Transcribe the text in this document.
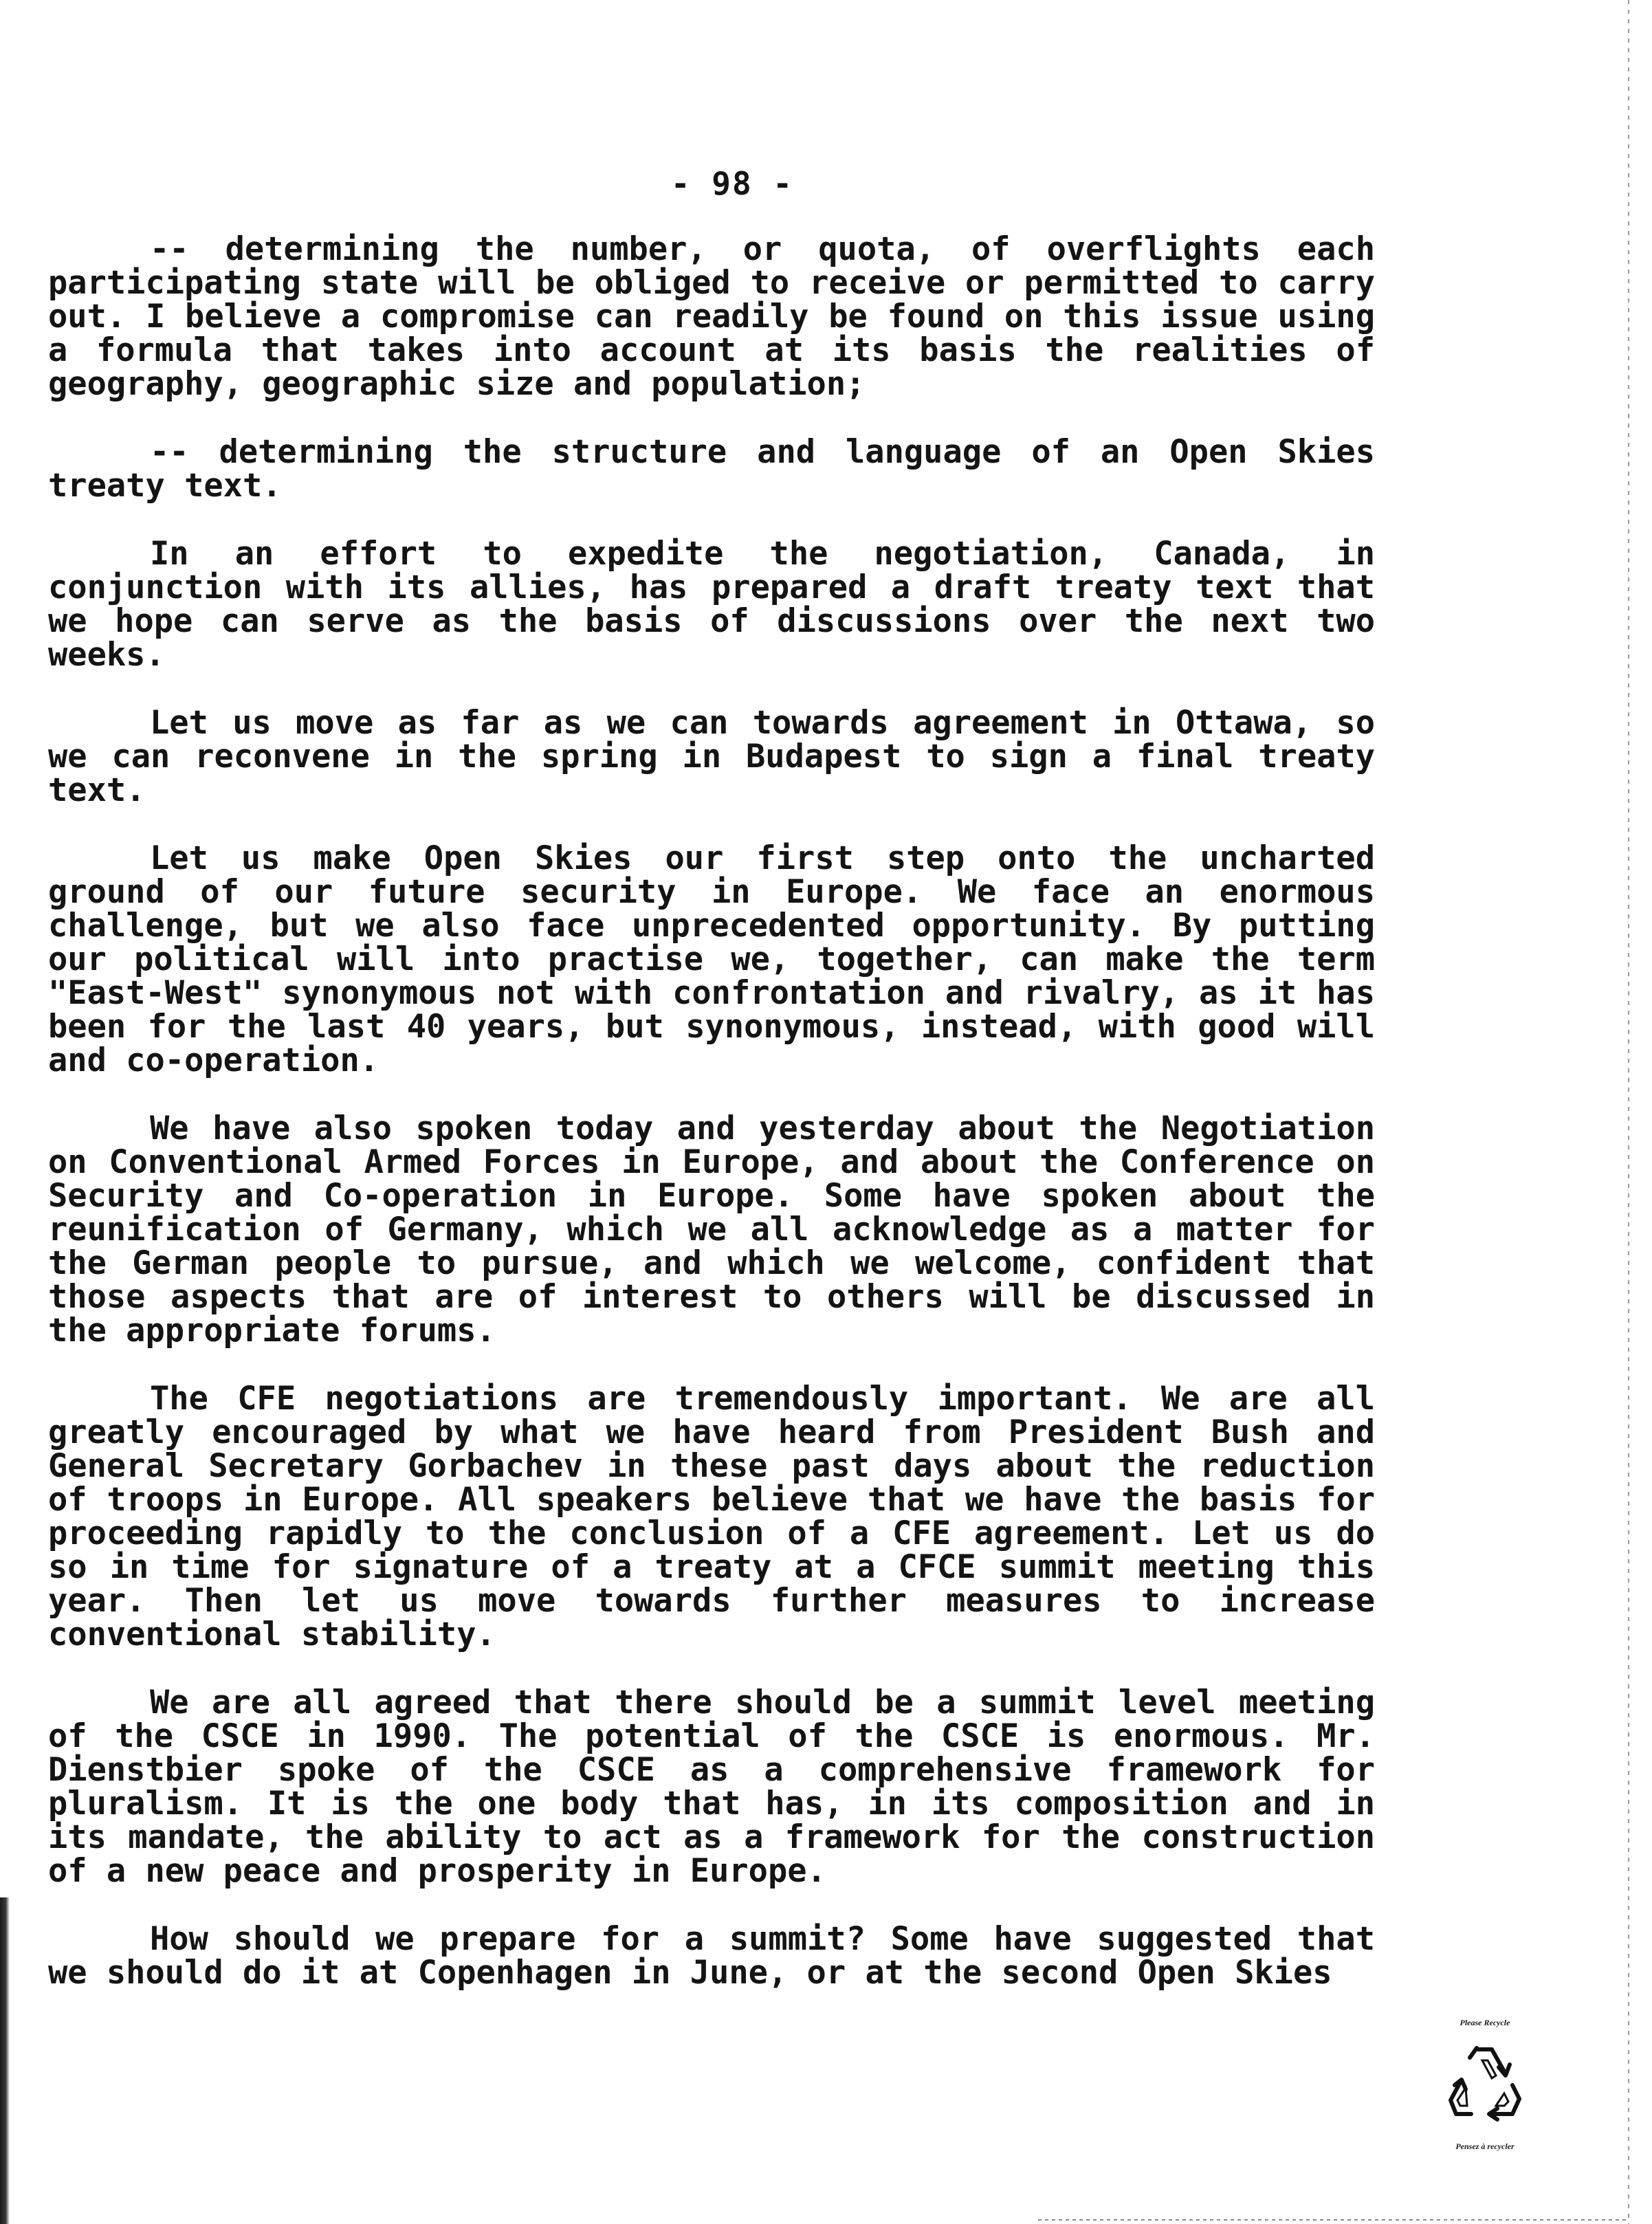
- 98 -

-- determining the number, or quota, of overflights each participating state will be obliged to receive or permitted to carry out. I believe a compromise can readily be found on this issue using a formula that takes into account at its basis the realities of geography, geographic size and population;

-- determining the structure and language of an Open Skies treaty text.

In an effort to expedite the negotiation, Canada, in conjunction with its allies, has prepared a draft treaty text that we hope can serve as the basis of discussions over the next two weeks.

Let us move as far as we can towards agreement in Ottawa, so we can reconvene in the spring in Budapest to sign a final treaty text.

Let us make Open Skies our first step onto the uncharted ground of our future security in Europe. We face an enormous challenge, but we also face unprecedented opportunity. By putting our political will into practise we, together, can make the term "East-West" synonymous not with confrontation and rivalry, as it has been for the last 40 years, but synonymous, instead, with good will and co-operation.

We have also spoken today and yesterday about the Negotiation on Conventional Armed Forces in Europe, and about the Conference on Security and Co-operation in Europe. Some have spoken about the reunification of Germany, which we all acknowledge as a matter for the German people to pursue, and which we welcome, confident that those aspects that are of interest to others will be discussed in the appropriate forums.

The CFE negotiations are tremendously important. We are all greatly encouraged by what we have heard from President Bush and General Secretary Gorbachev in these past days about the reduction of troops in Europe. All speakers believe that we have the basis for proceeding rapidly to the conclusion of a CFE agreement. Let us do so in time for signature of a treaty at a CFCE summit meeting this year. Then let us move towards further measures to increase conventional stability.

We are all agreed that there should be a summit level meeting of the CSCE in 1990. The potential of the CSCE is enormous. Mr. Dienstbier spoke of the CSCE as a comprehensive framework for pluralism. It is the one body that has, in its composition and in its mandate, the ability to act as a framework for the construction of a new peace and prosperity in Europe.

How should we prepare for a summit? Some have suggested that we should do it at Copenhagen in June, or at the second Open Skies

Please Recycle
Pensez à recycler
